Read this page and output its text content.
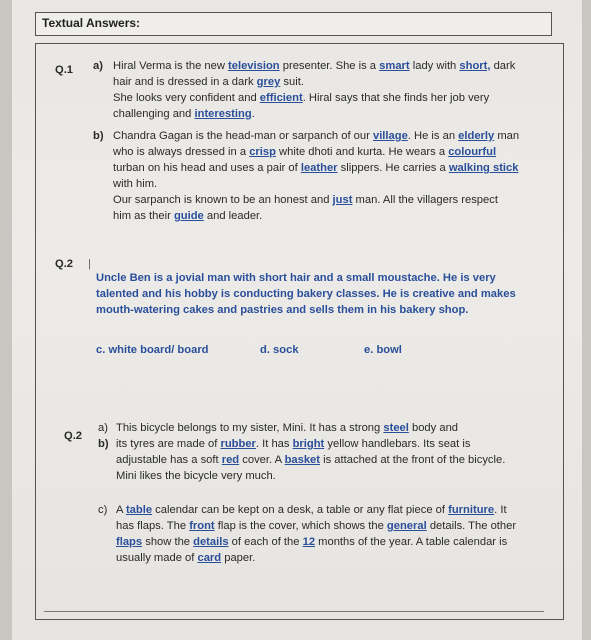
Textual Answers:
Q.1 a)
b)
Q.2 |
Uncle Ben is a jovial man with short hair and a small moustache. He is very
talented and his hobby is conducting bakery classes. He is creative and makes
mouth-watering cakes and pastries and sells them in his bakery shop.
c. white board/ board	d. sock	e. bowl
Q.2
a)
b)
c)
Hiral Verma is the new television presenter. She is a smart lady with short, dark
hair and is dressed in a dark grey suit.
She looks very confident and efficient. Hiral says that she finds her job very
challenging and interesting.
Chandra Gagan is the head-man or sarpanch of our village. He is an elderly man
who is always dressed in a crisp white dhoti and kurta. He wears a colourful
turban on his head and uses a pair of leather slippers. He carries a walking stick
with him.
Our sarpanch is known to be an honest and just man. All the villagers respect
him as their guide and leader.
This bicycle belongs to my sister, Mini. It has a strong steel body and
its tyres are made of rubber. It has bright yellow handlebars. Its seat is
adjustable has a soft red cover. A basket is attached at the front of the bicycle.
Mini likes the bicycle very much.
A table calendar can be kept on a desk, a table or any flat piece of furniture. It
has flaps. The front flap is the cover, which shows the general details. The other
flaps show the details of each of the 12 months of the year. A table calendar is
usually made of card paper.
